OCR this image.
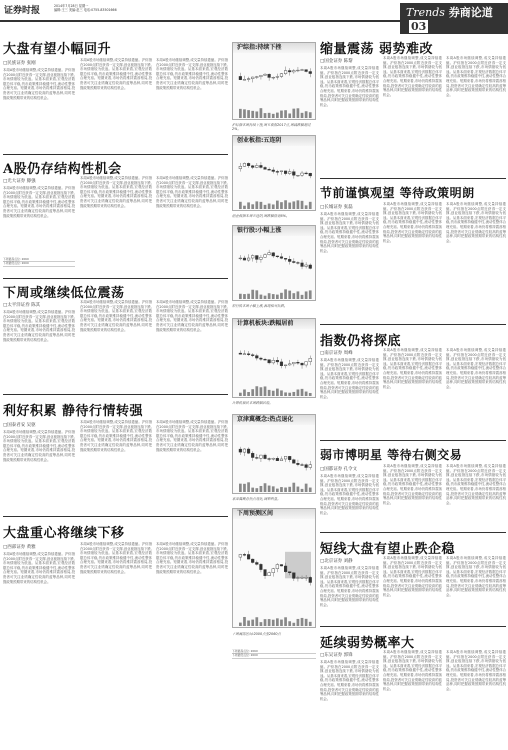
证券时报	2014年7月28日 星期一
编辑:王三 美编:赵三 电话:0755-83501666	Trends 券商论道 03
大盘有望小幅回升
□民族证券 张刚
本周A股市场继续调整,成交量持续萎缩。沪综指在2000点附近获得一定支撑,创业板指连续下跌,市场情绪较为低迷。从基本面来看,宏观经济数据总体平稳,货币政策维持稳健中性,流动性整体合理充裕。短期来看,市场仍将维持震荡格局,投资者可关注业绩确定性较高的蓝筹品种,同时把握政策预期带来的结构性机会。
本周A股市场继续调整,成交量持续萎缩。沪综指在2000点附近获得一定支撑,创业板指连续下跌,市场情绪较为低迷。从基本面来看,宏观经济数据总体平稳,货币政策维持稳健中性,流动性整体合理充裕。短期来看,市场仍将维持震荡格局,投资者可关注业绩确定性较高的蓝筹品种,同时把握政策预期带来的结构性机会。
本周A股市场继续调整,成交量持续萎缩。沪综指在2000点附近获得一定支撑,创业板指连续下跌,市场情绪较为低迷。从基本面来看,宏观经济数据总体平稳,货币政策维持稳健中性,流动性整体合理充裕。短期来看,市场仍将维持震荡格局,投资者可关注业绩确定性较高的蓝筹品种,同时把握政策预期带来的结构性机会。
A股仍存结构性机会
□光大证券 滕强
本周A股市场继续调整,成交量持续萎缩。沪综指在2000点附近获得一定支撑,创业板指连续下跌,市场情绪较为低迷。从基本面来看,宏观经济数据总体平稳,货币政策维持稳健中性,流动性整体合理充裕。短期来看,市场仍将维持震荡格局,投资者可关注业绩确定性较高的蓝筹品种,同时把握政策预期带来的结构性机会。
下周最高点位: 2060
下周最低点位: 2000
本周A股市场继续调整,成交量持续萎缩。沪综指在2000点附近获得一定支撑,创业板指连续下跌,市场情绪较为低迷。从基本面来看,宏观经济数据总体平稳,货币政策维持稳健中性,流动性整体合理充裕。短期来看,市场仍将维持震荡格局,投资者可关注业绩确定性较高的蓝筹品种,同时把握政策预期带来的结构性机会。
本周A股市场继续调整,成交量持续萎缩。沪综指在2000点附近获得一定支撑,创业板指连续下跌,市场情绪较为低迷。从基本面来看,宏观经济数据总体平稳,货币政策维持稳健中性,流动性整体合理充裕。短期来看,市场仍将维持震荡格局,投资者可关注业绩确定性较高的蓝筹品种,同时把握政策预期带来的结构性机会。
下周或继续低位震荡
□太平洋证券 陈其
本周A股市场继续调整,成交量持续萎缩。沪综指在2000点附近获得一定支撑,创业板指连续下跌,市场情绪较为低迷。从基本面来看,宏观经济数据总体平稳,货币政策维持稳健中性,流动性整体合理充裕。短期来看,市场仍将维持震荡格局,投资者可关注业绩确定性较高的蓝筹品种,同时把握政策预期带来的结构性机会。
本周A股市场继续调整,成交量持续萎缩。沪综指在2000点附近获得一定支撑,创业板指连续下跌,市场情绪较为低迷。从基本面来看,宏观经济数据总体平稳,货币政策维持稳健中性,流动性整体合理充裕。短期来看,市场仍将维持震荡格局,投资者可关注业绩确定性较高的蓝筹品种,同时把握政策预期带来的结构性机会。
本周A股市场继续调整,成交量持续萎缩。沪综指在2000点附近获得一定支撑,创业板指连续下跌,市场情绪较为低迷。从基本面来看,宏观经济数据总体平稳,货币政策维持稳健中性,流动性整体合理充裕。短期来看,市场仍将维持震荡格局,投资者可关注业绩确定性较高的蓝筹品种,同时把握政策预期带来的结构性机会。
利好积累 静待行情转强
□国泰君安 吴驱
本周A股市场继续调整,成交量持续萎缩。沪综指在2000点附近获得一定支撑,创业板指连续下跌,市场情绪较为低迷。从基本面来看,宏观经济数据总体平稳,货币政策维持稳健中性,流动性整体合理充裕。短期来看,市场仍将维持震荡格局,投资者可关注业绩确定性较高的蓝筹品种,同时把握政策预期带来的结构性机会。
本周A股市场继续调整,成交量持续萎缩。沪综指在2000点附近获得一定支撑,创业板指连续下跌,市场情绪较为低迷。从基本面来看,宏观经济数据总体平稳,货币政策维持稳健中性,流动性整体合理充裕。短期来看,市场仍将维持震荡格局,投资者可关注业绩确定性较高的蓝筹品种,同时把握政策预期带来的结构性机会。
本周A股市场继续调整,成交量持续萎缩。沪综指在2000点附近获得一定支撑,创业板指连续下跌,市场情绪较为低迷。从基本面来看,宏观经济数据总体平稳,货币政策维持稳健中性,流动性整体合理充裕。短期来看,市场仍将维持震荡格局,投资者可关注业绩确定性较高的蓝筹品种,同时把握政策预期带来的结构性机会。
大盘重心将继续下移
□西部证券 黄雅
本周A股市场继续调整,成交量持续萎缩。沪综指在2000点附近获得一定支撑,创业板指连续下跌,市场情绪较为低迷。从基本面来看,宏观经济数据总体平稳,货币政策维持稳健中性,流动性整体合理充裕。短期来看,市场仍将维持震荡格局,投资者可关注业绩确定性较高的蓝筹品种,同时把握政策预期带来的结构性机会。
本周A股市场继续调整,成交量持续萎缩。沪综指在2000点附近获得一定支撑,创业板指连续下跌,市场情绪较为低迷。从基本面来看,宏观经济数据总体平稳,货币政策维持稳健中性,流动性整体合理充裕。短期来看,市场仍将维持震荡格局,投资者可关注业绩确定性较高的蓝筹品种,同时把握政策预期带来的结构性机会。
本周A股市场继续调整,成交量持续萎缩。沪综指在2000点附近获得一定支撑,创业板指连续下跌,市场情绪较为低迷。从基本面来看,宏观经济数据总体平稳,货币政策维持稳健中性,流动性整体合理充裕。短期来看,市场仍将维持震荡格局,投资者可关注业绩确定性较高的蓝筹品种,同时把握政策预期带来的结构性机会。
沪综指:持续下挫
沪综指本周持续下挫,周五收报2017点,周线跌幅超过2%。
创业板指:五连阴
创业板指本周五连阴,周跌幅接近6%。
银行股:小幅上涨
银行股本周小幅上涨,表现相对抗跌。
计算机板块:跌幅居前
计算机板块本周跌幅居前。
京津冀概念:热点退化
京津冀概念热点退化,调整明显。
下周预测区间
下周震荡区间:2000点至2060点
下周最高点位: 2060
下周最低点位: 2000
缩量震荡 弱势难改
□国金证券 陈黎
本周A股市场继续调整,成交量持续萎缩。沪综指在2000点附近获得一定支撑,创业板指连续下跌,市场情绪较为低迷。从基本面来看,宏观经济数据总体平稳,货币政策维持稳健中性,流动性整体合理充裕。短期来看,市场仍将维持震荡格局,投资者可关注业绩确定性较高的蓝筹品种,同时把握政策预期带来的结构性机会。
本周A股市场继续调整,成交量持续萎缩。沪综指在2000点附近获得一定支撑,创业板指连续下跌,市场情绪较为低迷。从基本面来看,宏观经济数据总体平稳,货币政策维持稳健中性,流动性整体合理充裕。短期来看,市场仍将维持震荡格局,投资者可关注业绩确定性较高的蓝筹品种,同时把握政策预期带来的结构性机会。
本周A股市场继续调整,成交量持续萎缩。沪综指在2000点附近获得一定支撑,创业板指连续下跌,市场情绪较为低迷。从基本面来看,宏观经济数据总体平稳,货币政策维持稳健中性,流动性整体合理充裕。短期来看,市场仍将维持震荡格局,投资者可关注业绩确定性较高的蓝筹品种,同时把握政策预期带来的结构性机会。
节前谨慎观望 等待政策明朗
□长城证券 张磊
本周A股市场继续调整,成交量持续萎缩。沪综指在2000点附近获得一定支撑,创业板指连续下跌,市场情绪较为低迷。从基本面来看,宏观经济数据总体平稳,货币政策维持稳健中性,流动性整体合理充裕。短期来看,市场仍将维持震荡格局,投资者可关注业绩确定性较高的蓝筹品种,同时把握政策预期带来的结构性机会。
本周A股市场继续调整,成交量持续萎缩。沪综指在2000点附近获得一定支撑,创业板指连续下跌,市场情绪较为低迷。从基本面来看,宏观经济数据总体平稳,货币政策维持稳健中性,流动性整体合理充裕。短期来看,市场仍将维持震荡格局,投资者可关注业绩确定性较高的蓝筹品种,同时把握政策预期带来的结构性机会。
本周A股市场继续调整,成交量持续萎缩。沪综指在2000点附近获得一定支撑,创业板指连续下跌,市场情绪较为低迷。从基本面来看,宏观经济数据总体平稳,货币政策维持稳健中性,流动性整体合理充裕。短期来看,市场仍将维持震荡格局,投资者可关注业绩确定性较高的蓝筹品种,同时把握政策预期带来的结构性机会。
指数仍将探底
□南京证券 周峰
本周A股市场继续调整,成交量持续萎缩。沪综指在2000点附近获得一定支撑,创业板指连续下跌,市场情绪较为低迷。从基本面来看,宏观经济数据总体平稳,货币政策维持稳健中性,流动性整体合理充裕。短期来看,市场仍将维持震荡格局,投资者可关注业绩确定性较高的蓝筹品种,同时把握政策预期带来的结构性机会。
本周A股市场继续调整,成交量持续萎缩。沪综指在2000点附近获得一定支撑,创业板指连续下跌,市场情绪较为低迷。从基本面来看,宏观经济数据总体平稳,货币政策维持稳健中性,流动性整体合理充裕。短期来看,市场仍将维持震荡格局,投资者可关注业绩确定性较高的蓝筹品种,同时把握政策预期带来的结构性机会。
本周A股市场继续调整,成交量持续萎缩。沪综指在2000点附近获得一定支撑,创业板指连续下跌,市场情绪较为低迷。从基本面来看,宏观经济数据总体平稳,货币政策维持稳健中性,流动性整体合理充裕。短期来看,市场仍将维持震荡格局,投资者可关注业绩确定性较高的蓝筹品种,同时把握政策预期带来的结构性机会。
弱市博明星 等待右侧交易
□国都证券 孔令文
本周A股市场继续调整,成交量持续萎缩。沪综指在2000点附近获得一定支撑,创业板指连续下跌,市场情绪较为低迷。从基本面来看,宏观经济数据总体平稳,货币政策维持稳健中性,流动性整体合理充裕。短期来看,市场仍将维持震荡格局,投资者可关注业绩确定性较高的蓝筹品种,同时把握政策预期带来的结构性机会。
本周A股市场继续调整,成交量持续萎缩。沪综指在2000点附近获得一定支撑,创业板指连续下跌,市场情绪较为低迷。从基本面来看,宏观经济数据总体平稳,货币政策维持稳健中性,流动性整体合理充裕。短期来看,市场仍将维持震荡格局,投资者可关注业绩确定性较高的蓝筹品种,同时把握政策预期带来的结构性机会。
本周A股市场继续调整,成交量持续萎缩。沪综指在2000点附近获得一定支撑,创业板指连续下跌,市场情绪较为低迷。从基本面来看,宏观经济数据总体平稳,货币政策维持稳健中性,流动性整体合理充裕。短期来看,市场仍将维持震荡格局,投资者可关注业绩确定性较高的蓝筹品种,同时把握政策预期带来的结构性机会。
短线大盘有望止跌企稳
□北京证券 刘静
本周A股市场继续调整,成交量持续萎缩。沪综指在2000点附近获得一定支撑,创业板指连续下跌,市场情绪较为低迷。从基本面来看,宏观经济数据总体平稳,货币政策维持稳健中性,流动性整体合理充裕。短期来看,市场仍将维持震荡格局,投资者可关注业绩确定性较高的蓝筹品种,同时把握政策预期带来的结构性机会。
本周A股市场继续调整,成交量持续萎缩。沪综指在2000点附近获得一定支撑,创业板指连续下跌,市场情绪较为低迷。从基本面来看,宏观经济数据总体平稳,货币政策维持稳健中性,流动性整体合理充裕。短期来看,市场仍将维持震荡格局,投资者可关注业绩确定性较高的蓝筹品种,同时把握政策预期带来的结构性机会。
本周A股市场继续调整,成交量持续萎缩。沪综指在2000点附近获得一定支撑,创业板指连续下跌,市场情绪较为低迷。从基本面来看,宏观经济数据总体平稳,货币政策维持稳健中性,流动性整体合理充裕。短期来看,市场仍将维持震荡格局,投资者可关注业绩确定性较高的蓝筹品种,同时把握政策预期带来的结构性机会。
延续弱势概率大
□东吴证券 郭锋
本周A股市场继续调整,成交量持续萎缩。沪综指在2000点附近获得一定支撑,创业板指连续下跌,市场情绪较为低迷。从基本面来看,宏观经济数据总体平稳,货币政策维持稳健中性,流动性整体合理充裕。短期来看,市场仍将维持震荡格局,投资者可关注业绩确定性较高的蓝筹品种,同时把握政策预期带来的结构性机会。
本周A股市场继续调整,成交量持续萎缩。沪综指在2000点附近获得一定支撑,创业板指连续下跌,市场情绪较为低迷。从基本面来看,宏观经济数据总体平稳,货币政策维持稳健中性,流动性整体合理充裕。短期来看,市场仍将维持震荡格局,投资者可关注业绩确定性较高的蓝筹品种,同时把握政策预期带来的结构性机会。
本周A股市场继续调整,成交量持续萎缩。沪综指在2000点附近获得一定支撑,创业板指连续下跌,市场情绪较为低迷。从基本面来看,宏观经济数据总体平稳,货币政策维持稳健中性,流动性整体合理充裕。短期来看,市场仍将维持震荡格局,投资者可关注业绩确定性较高的蓝筹品种,同时把握政策预期带来的结构性机会。
